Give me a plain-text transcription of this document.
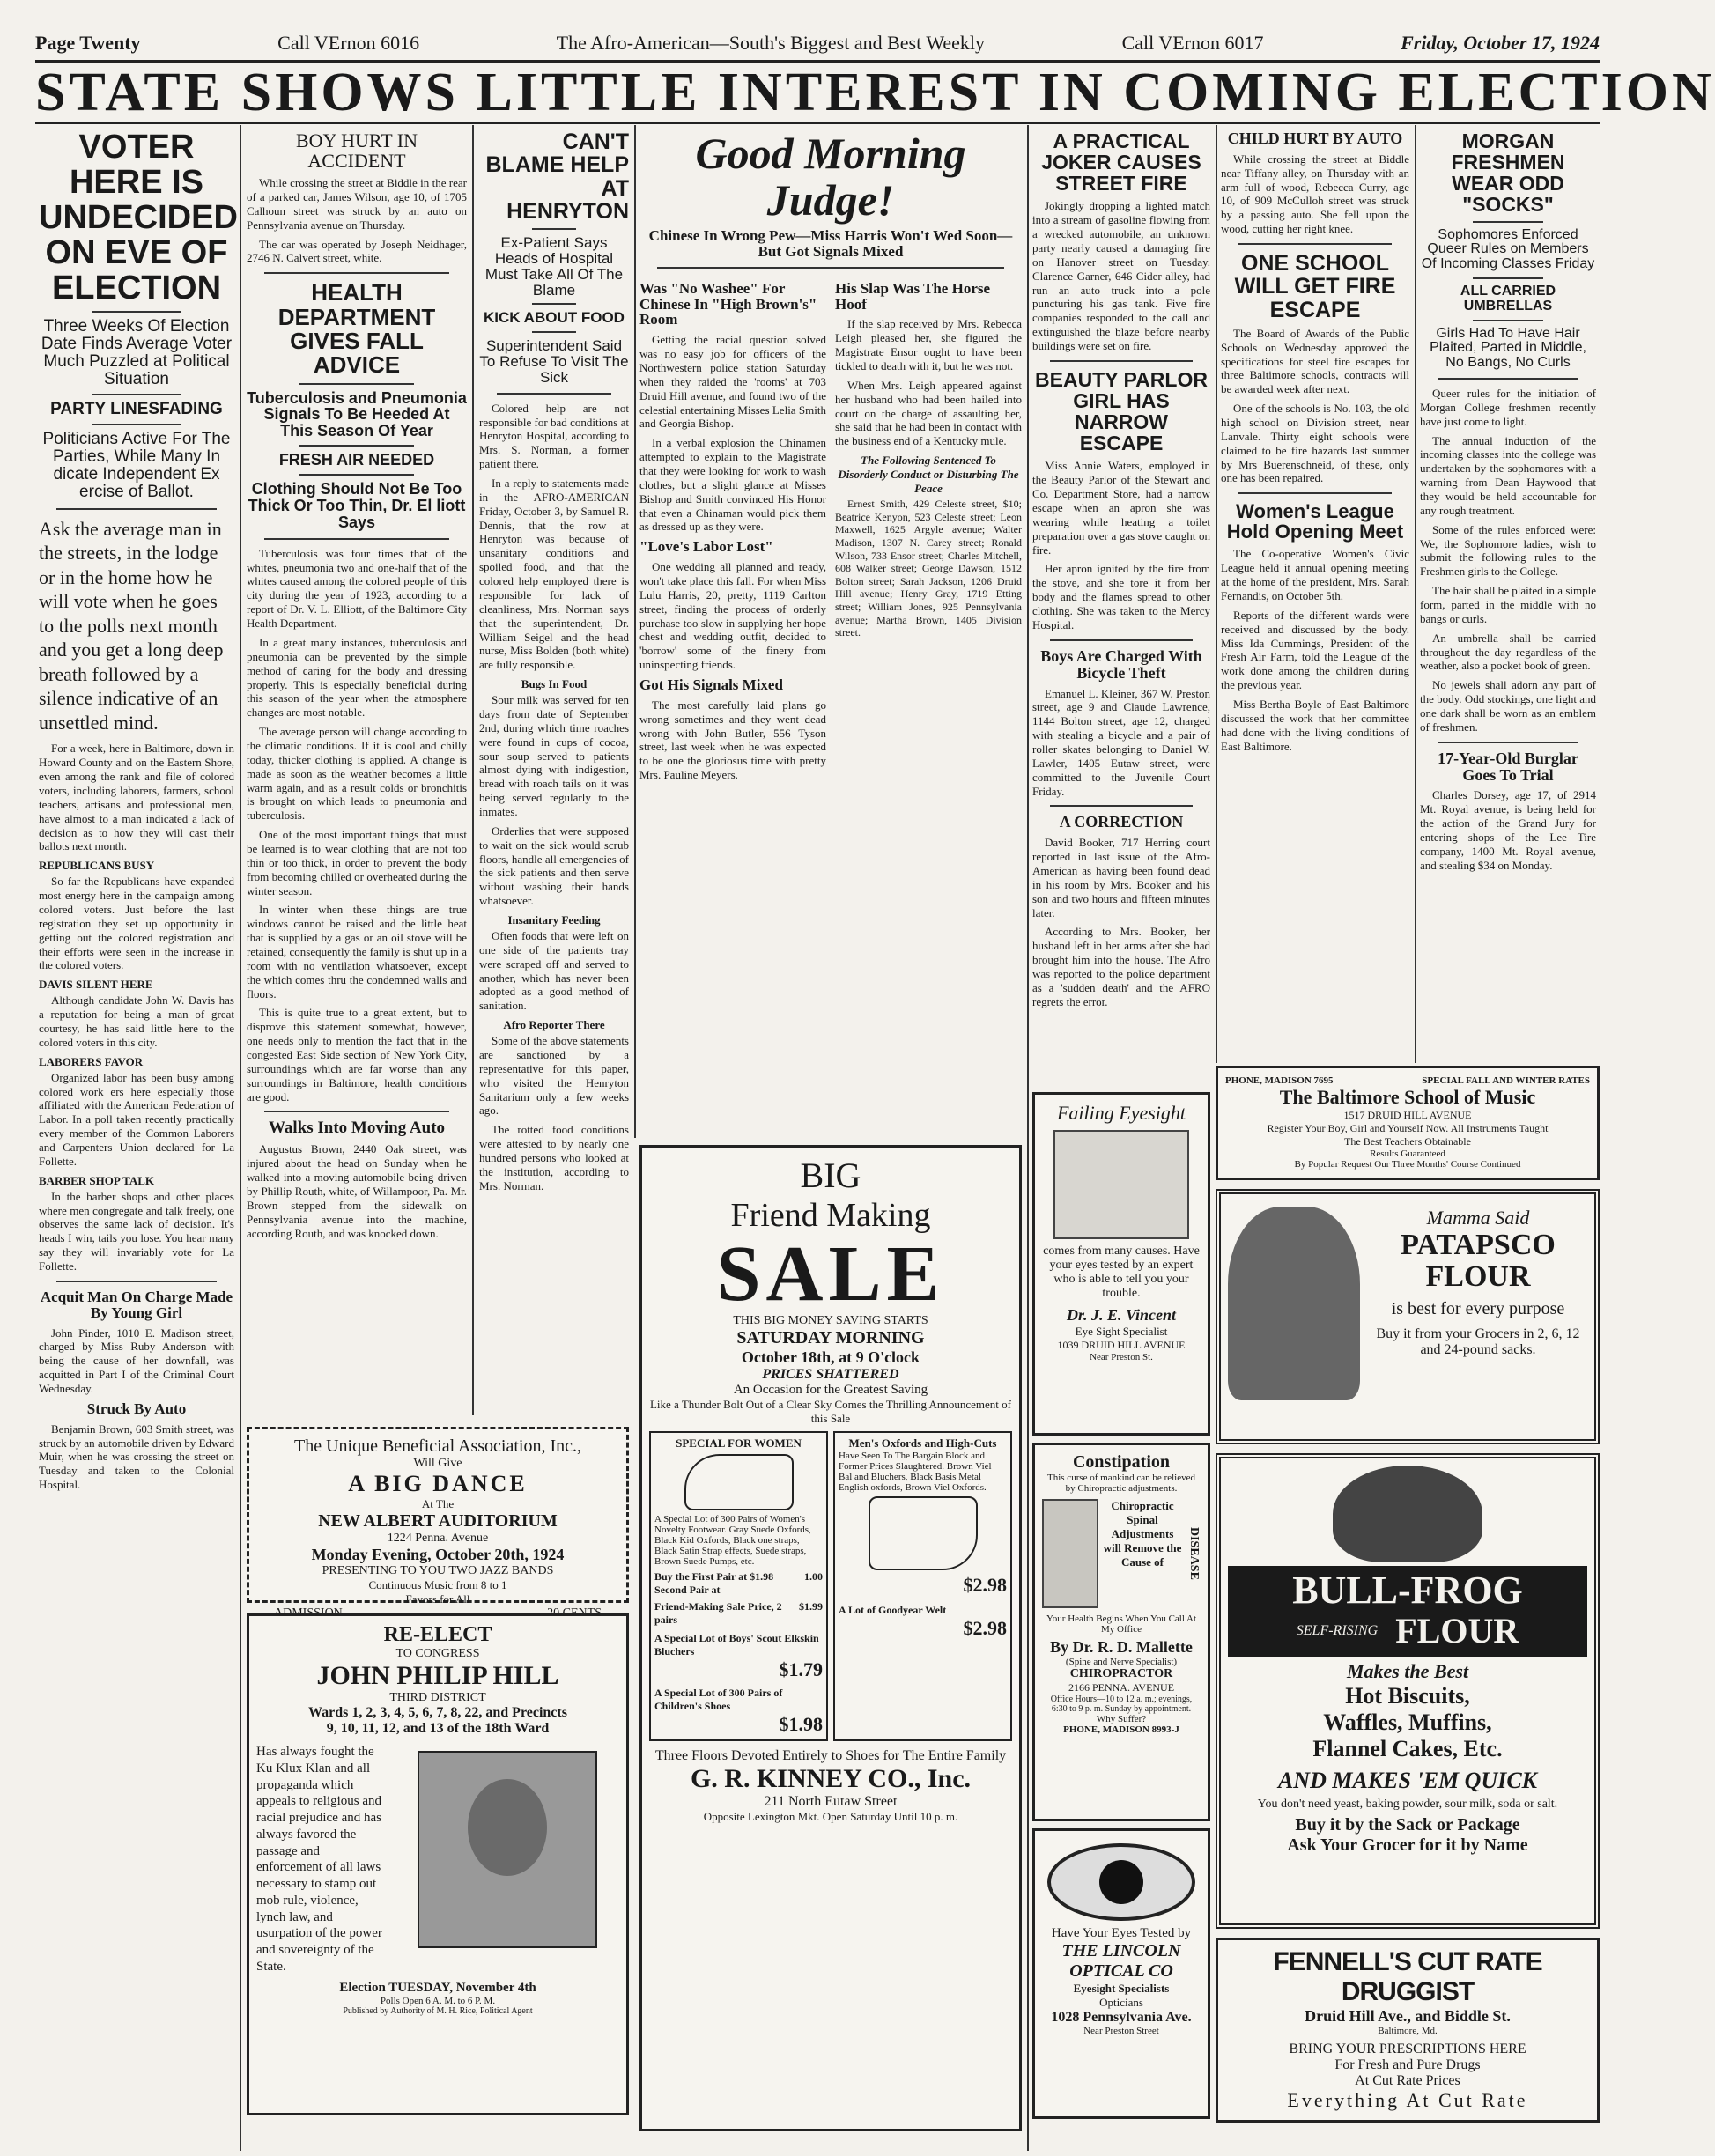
Page Twenty	Call VErnon 6016	The Afro-American—South's Biggest and Best Weekly	Call VErnon 6017	Friday, October 17, 1924
STATE SHOWS LITTLE INTEREST IN COMING ELECTION
VOTER HERE IS UNDECIDED ON EVE OF ELECTION
Three Weeks Of Election Date Finds Average Voter Much Puzzled at Political Situation
PARTY LINESFADING
Politicians Active For The Parties, While Many In dicate Independent Ex ercise of Ballot.

Ask the average man in the streets, in the lodge or in the home how he will vote when he goes to the polls next month and you get a long deep breath followed by a silence indicative of an unsettled mind.

For a week, here in Baltimore, down in Howard County and on the Eastern Shore, even among the rank and file of colored voters, including laborers, farmers, school teachers, artisans and professional men, have almost to a man indicated a lack of decision as to how they will cast their ballots next month.

REPUBLICANS BUSY

So far the Republicans have expanded most energy here in the campaign among colored voters. Just before the last registration they set up opportunity in getting out the colored registration and their efforts were seen in the increase in the colored voters.

DAVIS SILENT HERE

Although candidate John W. Davis has a reputation for being a man of great courtesy, he has said little here to the colored voters in this city.

LABORERS FAVOR

Organized labor has been busy among colored work ers here especially those affiliated with the American Federation of Labor. In a poll taken recently practically every member of the Common Laborers and Carpenters Union declared for La Follette.

BARBER SHOP TALK

In the barber shops and other places where men congregate and talk freely, one observes the same lack of decision. It's heads I win, tails you lose. You hear many say they will invariably vote for La Follette.

Acquit Man On Charge Made By Young Girl

John Pinder, 1010 E. Madison street, charged by Miss Ruby Anderson with being the cause of her downfall, was acquitted in Part I of the Criminal Court Wednesday.

Struck By Auto

Benjamin Brown, 603 Smith street, was struck by an automobile driven by Edward Muir, when he was crossing the street on Tuesday and taken to the Colonial Hospital.

BOY HURT IN ACCIDENT

While crossing the street at Biddle in the rear of a parked car, James Wilson, age 10, of 1705 Calhoun street was struck by an auto on Pennsylvania avenue on Thursday.

The car was operated by Joseph Neidhager, 2746 N. Calvert street, white.

HEALTH DEPARTMENT GIVES FALL ADVICE
Tuberculosis and Pneumonia Signals To Be Heeded At This Season Of Year
FRESH AIR NEEDED
Clothing Should Not Be Too Thick Or Too Thin, Dr. El liott Says

Tuberculosis was four times that of the whites, pneumonia two and one-half that of the whites caused among the colored people of this city during the year of 1923, according to a report of Dr. V. L. Elliott, of the Baltimore City Health Department.

In a great many instances, tuberculosis and pneumonia can be prevented by the simple method of caring for the body and dressing properly. This is especially beneficial during this season of the year when the atmosphere changes are most notable.

The average person will change according to the climatic conditions. If it is cool and chilly today, thicker clothing is applied. A change is made as soon as the weather becomes a little warm again, and as a result colds or bronchitis is brought on which leads to pneumonia and tuberculosis.

One of the most important things that must be learned is to wear clothing that are not too thin or too thick, in order to prevent the body from becoming chilled or overheated during the winter season.

In winter when these things are true windows cannot be raised and the little heat that is supplied by a gas or an oil stove will be retained, consequently the family is shut up in a room with no ventilation whatsoever, except the which comes thru the condemned walls and floors.

This is quite true to a great extent, but to disprove this statement somewhat, however, one needs only to mention the fact that in the congested East Side section of New York City, surroundings which are far worse than any surroundings in Baltimore, health conditions are good.

Walks Into Moving Auto

Augustus Brown, 2440 Oak street, was injured about the head on Sunday when he walked into a moving automobile being driven by Phillip Routh, white, of Willampoor, Pa. Mr. Brown stepped from the sidewalk on Pennsylvania avenue into the machine, according Routh, and was knocked down.

CAN'T BLAME HELP AT HENRYTON
Ex-Patient Says Heads of Hospital Must Take All Of The Blame
KICK ABOUT FOOD
Superintendent Said To Refuse To Visit The Sick

Colored help are not responsible for bad conditions at Henryton Hospital, according to Mrs. S. Norman, a former patient there.

In a reply to statements made in the AFRO-AMERICAN Friday, October 3, by Samuel R. Dennis, that the row at Henryton was because of unsanitary conditions and spoiled food, and that the colored help employed there is responsible for lack of cleanliness, Mrs. Norman says that the superintendent, Dr. William Seigel and the head nurse, Miss Bolden (both white) are fully responsible.

Bugs In Food

Sour milk was served for ten days from date of September 2nd, during which time roaches were found in cups of cocoa, sour soup served to patients almost dying with indigestion, bread with roach tails on it was being served regularly to the inmates.

Orderlies that were supposed to wait on the sick would scrub floors, handle all emergencies of the sick patients and then serve without washing their hands whatsoever.

Insanitary Feeding

Often foods that were left on one side of the patients tray were scraped off and served to another, which has never been adopted as a good method of sanitation.

Afro Reporter There

Some of the above statements are sanctioned by a representative for this paper, who visited the Henryton Sanitarium only a few weeks ago.

The rotted food conditions were attested to by nearly one hundred persons who looked at the institution, according to Mrs. Norman.

Good Morning Judge!
Chinese In Wrong Pew—Miss Harris Won't Wed Soon—But Got Signals Mixed
Was "No Washee" For Chinese In "High Brown's" Room

Getting the racial question solved was no easy job for officers of the Northwestern police station Saturday when they raided the 'rooms' at 703 Druid Hill avenue, and found two of the celestial entertaining Misses Lelia Smith and Georgia Bishop.

In a verbal explosion the Chinamen attempted to explain to the Magistrate that they were looking for work to wash clothes, but a slight glance at Misses Bishop and Smith convinced His Honor that even a Chinaman would pick them as dressed up as they were.

"Love's Labor Lost"

One wedding all planned and ready, won't take place this fall. For when Miss Lulu Harris, 20, pretty, 1119 Carlton street, finding the process of orderly purchase too slow in supplying her hope chest and wedding outfit, decided to 'borrow' some of the finery from uninspecting friends.

Got His Signals Mixed

The most carefully laid plans go wrong sometimes and they went dead wrong with John Butler, 556 Tyson street, last week when he was expected to be one the gloriosus time with pretty Mrs. Pauline Meyers.

His Slap Was The Horse Hoof

If the slap received by Mrs. Rebecca Leigh pleased her, she figured the Magistrate Ensor ought to have been tickled to death with it, but he was not.

When Mrs. Leigh appeared against her husband who had been hailed into court on the charge of assaulting her, she said that he had been in contact with the business end of a Kentucky mule.

The Following Sentenced To Disorderly Conduct or Disturbing The Peace

Ernest Smith, 429 Celeste street, $10; Beatrice Kenyon, 523 Celeste street; Leon Maxwell, 1625 Argyle avenue; Walter Madison, 1307 N. Carey street; Ronald Wilson, 733 Ensor street; Charles Mitchell, 608 Walker street; George Dawson, 1512 Bolton street; Sarah Jackson, 1206 Druid Hill avenue; Henry Gray, 1719 Etting street; William Jones, 925 Pennsylvania avenue; Martha Brown, 1405 Division street.

A PRACTICAL JOKER CAUSES STREET FIRE

Jokingly dropping a lighted match into a stream of gasoline flowing from a wrecked automobile, an unknown party nearly caused a damaging fire on Hanover street on Tuesday. Clarence Garner, 646 Cider alley, had run an auto truck into a pole puncturing his gas tank. Five fire companies responded to the call and extinguished the blaze before nearby buildings were set on fire.

BEAUTY PARLOR GIRL HAS NARROW ESCAPE

Miss Annie Waters, employed in the Beauty Parlor of the Stewart and Co. Department Store, had a narrow escape when an apron she was wearing while heating a toilet preparation over a gas stove caught on fire.

Her apron ignited by the fire from the stove, and she tore it from her body and the flames spread to other clothing. She was taken to the Mercy Hospital.

Boys Are Charged With Bicycle Theft

Emanuel L. Kleiner, 367 W. Preston street, age 9 and Claude Lawrence, 1144 Bolton street, age 12, charged with stealing a bicycle and a pair of roller skates belonging to Daniel W. Lawler, 1405 Eutaw street, were committed to the Juvenile Court Friday.

A CORRECTION

David Booker, 717 Herring court reported in last issue of the Afro-American as having been found dead in his room by Mrs. Booker and his son and two hours and fifteen minutes later.

According to Mrs. Booker, her husband left in her arms after she had brought him into the house. The Afro was reported to the police department as a 'sudden death' and the AFRO regrets the error.

CHILD HURT BY AUTO

While crossing the street at Biddle near Tiffany alley, on Thursday with an arm full of wood, Rebecca Curry, age 10, of 909 McCulloh street was struck by a passing auto. She fell upon the wood, cutting her right knee.

ONE SCHOOL WILL GET FIRE ESCAPE

The Board of Awards of the Public Schools on Wednesday approved the specifications for steel fire escapes for three Baltimore schools, contracts will be awarded week after next.

One of the schools is No. 103, the old high school on Division street, near Lanvale. Thirty eight schools were claimed to be fire hazards last summer by Mrs Buerenschneid, of these, only one has been repaired.

Women's League Hold Opening Meet

The Co-operative Women's Civic League held it annual opening meeting at the home of the president, Mrs. Sarah Fernandis, on October 5th.

Reports of the different wards were received and discussed by the body. Miss Ida Cummings, President of the Fresh Air Farm, told the League of the work done among the children during the previous year.

Miss Bertha Boyle of East Baltimore discussed the work that her committee had done with the living conditions of East Baltimore.

MORGAN FRESHMEN WEAR ODD "SOCKS"
Sophomores Enforced Queer Rules on Members Of Incoming Classes Friday
ALL CARRIED UMBRELLAS
Girls Had To Have Hair Plaited, Parted in Middle, No Bangs, No Curls

Queer rules for the initiation of Morgan College freshmen recently have just come to light.

The annual induction of the incoming classes into the college was undertaken by the sophomores with a warning from Dean Haywood that they would be held accountable for any rough treatment.

Some of the rules enforced were: We, the Sophomore ladies, wish to submit the following rules to the Freshmen girls to the College.

The hair shall be plaited in a simple form, parted in the middle with no bangs or curls.

An umbrella shall be carried throughout the day regardless of the weather, also a pocket book of green.

No jewels shall adorn any part of the body. Odd stockings, one light and one dark shall be worn as an emblem of freshmen.

17-Year-Old Burglar Goes To Trial

Charles Dorsey, age 17, of 2914 Mt. Royal avenue, is being held for the action of the Grand Jury for entering shops of the Lee Tire company, 1400 Mt. Royal avenue, and stealing $34 on Monday.

The Unique Beneficial Association, Inc.,
Will Give
A BIG DANCE
At The
NEW ALBERT AUDITORIUM
1224 Penna. Avenue
Monday Evening, October 20th, 1924
PRESENTING TO YOU TWO JAZZ BANDS
Continuous Music from 8 to 1
Favors for All
RE-ELECT
TO CONGRESS
JOHN PHILIP HILL
THIRD DISTRICT
Wards 1, 2, 3, 4, 5, 6, 7, 8, 22, and Precincts
9, 10, 11, 12, and 13 of the 18th Ward
Has always fought the Ku Klux Klan and all propaganda which appeals to religious and racial prejudice and has always favored the passage and enforcement of all laws necessary to stamp out mob rule, violence, lynch law, and usurpation of the power and sovereignty of the State.
Election TUESDAY, November 4th
Polls Open 6 A. M. to 6 P. M.
Published by Authority of M. H. Rice, Political Agent
BIG
Friend Making
SALE
THIS BIG MONEY SAVING STARTS
SATURDAY MORNING
October 18th, at 9 O'clock
PRICES SHATTERED
An Occasion for the Greatest Saving
Like a Thunder Bolt Out of a Clear Sky Comes the Thrilling Announcement of this Sale
SPECIAL FOR WOMEN
A Special Lot of 300 Pairs of Women's Novelty Footwear. Gray Suede Oxfords, Black Kid Oxfords, Black one straps, Black Satin Strap effects, Suede straps, Brown Suede Pumps, etc.
Buy the First Pair at $1.98 Second Pair at
1.00
Friend-Making Sale Price, 2 pairs
$1.99
A Special Lot of Boys' Scout Elkskin Bluchers
$1.79
A Special Lot of 300 Pairs of Children's Shoes
$1.98
Men's Oxfords and High-Cuts
Have Seen To The Bargain Block and Former Prices Slaughtered. Brown Viel Bal and Bluchers, Black Basis Metal English oxfords, Brown Viel Oxfords.
$2.98
A Lot of Goodyear Welt
$2.98
Three Floors Devoted Entirely to Shoes for The Entire Family
G. R. KINNEY CO., Inc.
211 North Eutaw Street
Opposite Lexington Mkt. Open Saturday Until 10 p. m.
Failing Eyesight
comes from many causes. Have your eyes tested by an expert who is able to tell you your trouble.
Dr. J. E. Vincent
Eye Sight Specialist
1039 DRUID HILL AVENUE
Near Preston St.
Constipation
This curse of mankind can be relieved by Chiropractic adjustments.
Chiropractic Spinal Adjustments will Remove the Cause of	DISEASE
Your Health Begins When You Call At My Office
By Dr. R. D. Mallette
(Spine and Nerve Specialist)
CHIROPRACTOR
2166 PENNA. AVENUE
Office Hours—10 to 12 a. m.; evenings, 6:30 to 9 p. m. Sunday by appointment.
Why Suffer?
PHONE, MADISON 8993-J
Have Your Eyes Tested by
THE LINCOLN OPTICAL CO
Eyesight Specialists
Opticians
1028 Pennsylvania Ave.
Near Preston Street
PHONE, MADISON 7695	SPECIAL FALL AND WINTER RATES
The Baltimore School of Music
1517 DRUID HILL AVENUE
Register Your Boy, Girl and Yourself Now. All Instruments Taught
The Best Teachers Obtainable
Results Guaranteed
By Popular Request Our Three Months' Course Continued
Mamma Said
PATAPSCO FLOUR
is best for every purpose
Buy it from your Grocers in 2, 6, 12 and 24-pound sacks.
BULL-FROG
SELF-RISING FLOUR
Makes the Best
Hot Biscuits,
Waffles, Muffins,
Flannel Cakes, Etc.
AND MAKES 'EM QUICK
You don't need yeast, baking powder, sour milk, soda or salt.
Buy it by the Sack or Package
Ask Your Grocer for it by Name
FENNELL'S CUT RATE DRUGGIST
Druid Hill Ave., and Biddle St.
Baltimore, Md.
BRING YOUR PRESCRIPTIONS HERE
For Fresh and Pure Drugs
At Cut Rate Prices
Everything At Cut Rate
